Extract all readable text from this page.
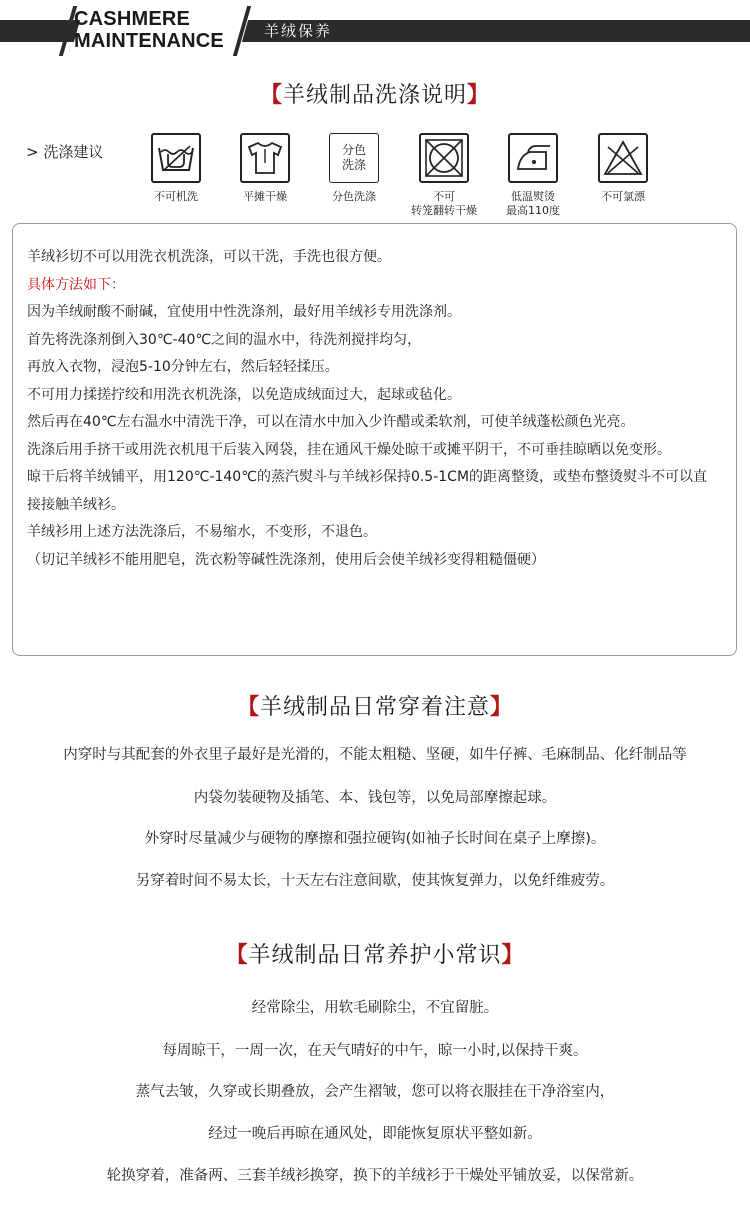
CASHMERE
MAINTENANCE	羊绒保养
【羊绒制品洗涤说明】
> 洗涤建议
不可机洗	平摊干燥
分色
洗涤
分色洗涤	不可
转笼翻转干燥
低温熨烫
最高110度
不可氯漂

羊绒衫切不可以用洗衣机洗涤，可以干洗，手洗也很方便。

具体方法如下：

因为羊绒耐酸不耐碱，宜使用中性洗涤剂，最好用羊绒衫专用洗涤剂。

首先将洗涤剂倒入30℃-40℃之间的温水中，待洗剂搅拌均匀，

再放入衣物，浸泡5-10分钟左右，然后轻轻揉压。

不可用力揉搓拧绞和用洗衣机洗涤，以免造成绒面过大，起球或毡化。

然后再在40℃左右温水中清洗干净，可以在清水中加入少许醋或柔软剂，可使羊绒蓬松颜色光亮。

洗涤后用手挤干或用洗衣机甩干后装入网袋，挂在通风干燥处晾干或摊平阴干，不可垂挂晾晒以免变形。

晾干后将羊绒铺平，用120℃-140℃的蒸汽熨斗与羊绒衫保持0.5-1CM的距离整烫，或垫布整烫熨斗不可以直接接触羊绒衫。

羊绒衫用上述方法洗涤后，不易缩水，不变形，不退色。

（切记羊绒衫不能用肥皂，洗衣粉等碱性洗涤剂，使用后会使羊绒衫变得粗糙僵硬）

【羊绒制品日常穿着注意】
内穿时与其配套的外衣里子最好是光滑的，不能太粗糙、坚硬，如牛仔裤、毛麻制品、化纤制品等
内袋勿装硬物及插笔、本、钱包等，以免局部摩擦起球。
外穿时尽量减少与硬物的摩擦和强拉硬钩(如袖子长时间在桌子上摩擦)。
另穿着时间不易太长，十天左右注意间歇，使其恢复弹力，以免纤维疲劳。
【羊绒制品日常养护小常识】
经常除尘，用软毛刷除尘，不宜留脏。
每周晾干，一周一次，在天气晴好的中午，晾一小时,以保持干爽。
蒸气去皱，久穿或长期叠放，会产生褶皱，您可以将衣服挂在干净浴室内，
经过一晚后再晾在通风处，即能恢复原状平整如新。
轮换穿着，准备两、三套羊绒衫换穿，换下的羊绒衫于干燥处平铺放妥，以保常新。
